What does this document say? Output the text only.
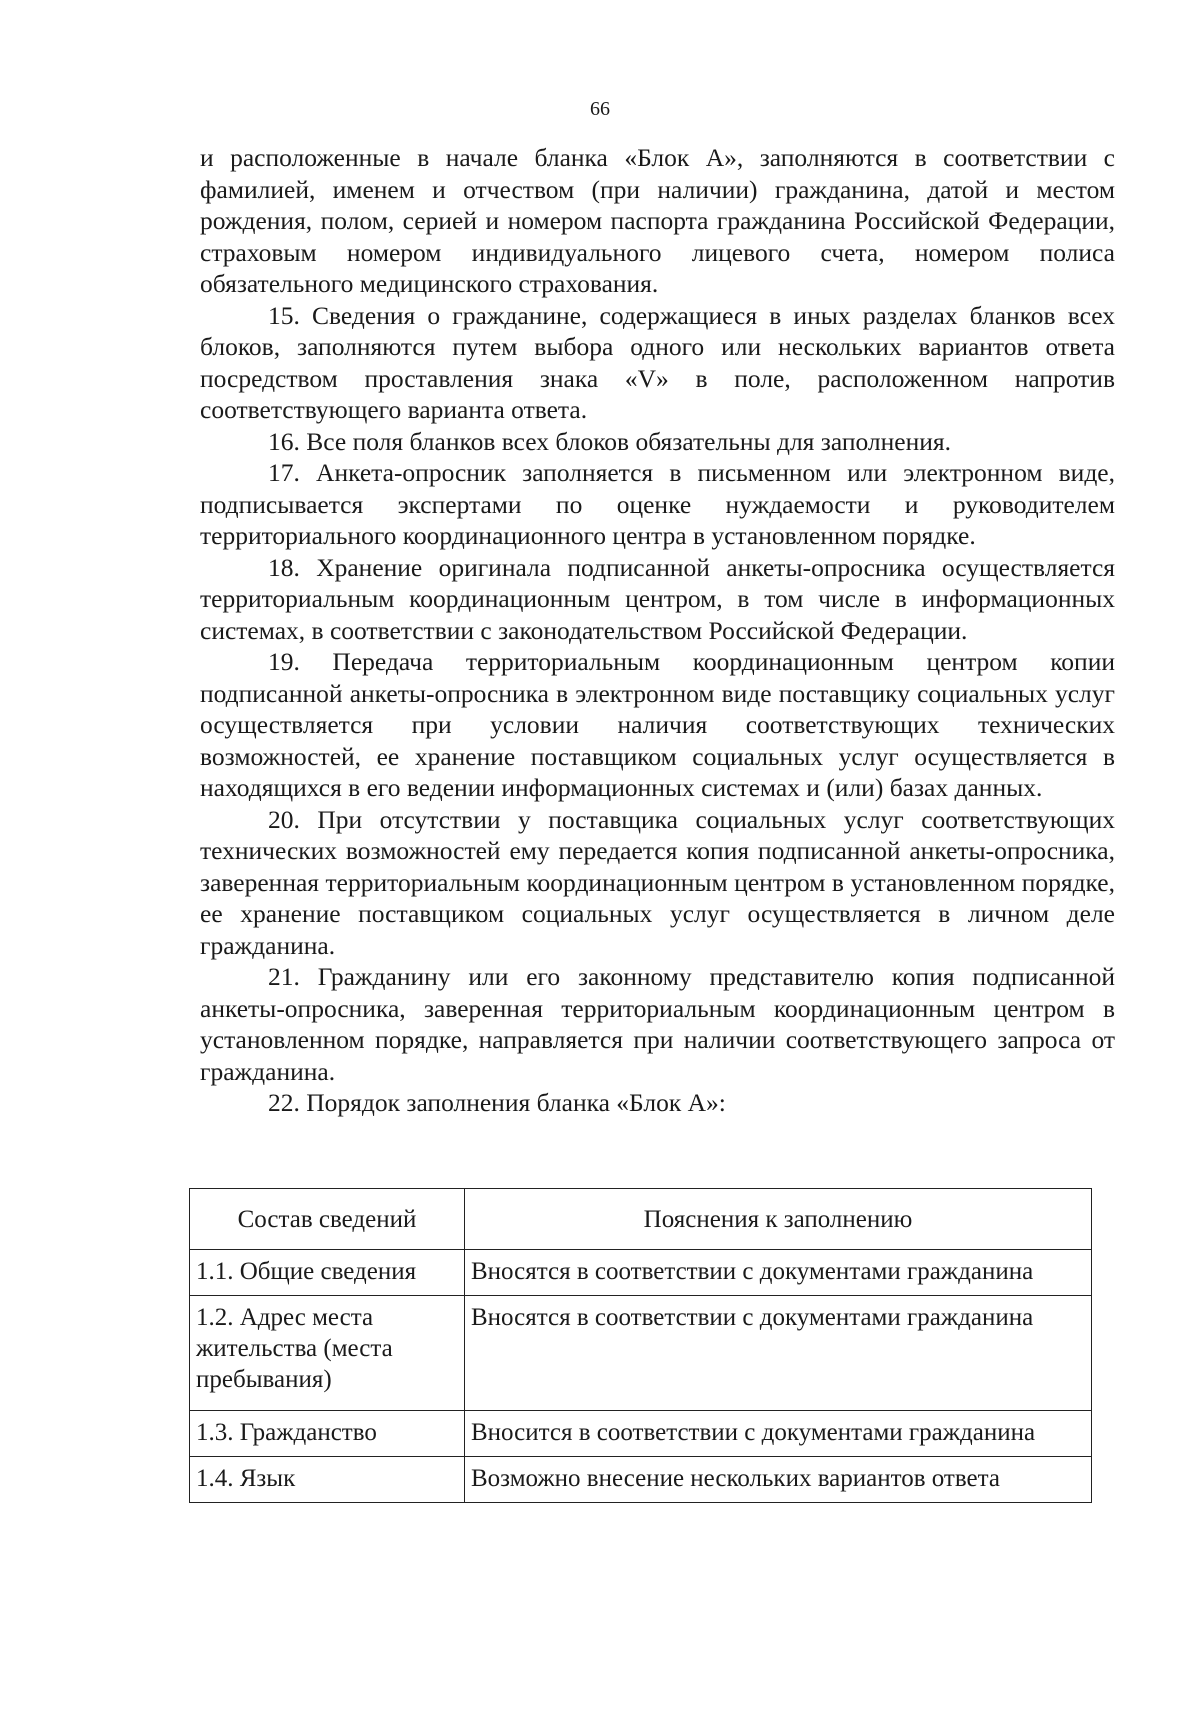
66

и расположенные в начале бланка «Блок А», заполняются в соответствии с фамилией, именем и отчеством (при наличии) гражданина, датой и местом рождения, полом, серией и номером паспорта гражданина Российской Федерации, страховым номером индивидуального лицевого счета, номером полиса обязательного медицинского страхования.

15. Сведения о гражданине, содержащиеся в иных разделах бланков всех блоков, заполняются путем выбора одного или нескольких вариантов ответа посредством проставления знака «V» в поле, расположенном напротив соответствующего варианта ответа.

16. Все поля бланков всех блоков обязательны для заполнения.

17. Анкета-опросник заполняется в письменном или электронном виде, подписывается экспертами по оценке нуждаемости и руководителем территориального координационного центра в установленном порядке.

18. Хранение оригинала подписанной анкеты-опросника осуществляется территориальным координационным центром, в том числе в информационных системах, в соответствии с законодательством Российской Федерации.

19. Передача территориальным координационным центром копии подписанной анкеты-опросника в электронном виде поставщику социальных услуг осуществляется при условии наличия соответствующих технических возможностей, ее хранение поставщиком социальных услуг осуществляется в находящихся в его ведении информационных системах и (или) базах данных.

20. При отсутствии у поставщика социальных услуг соответствующих технических возможностей ему передается копия подписанной анкеты-опросника, заверенная территориальным координационным центром в установленном порядке, ее хранение поставщиком социальных услуг осуществляется в личном деле гражданина.

21. Гражданину или его законному представителю копия подписанной анкеты-опросника, заверенная территориальным координационным центром в установленном порядке, направляется при наличии соответствующего запроса от гражданина.

22. Порядок заполнения бланка «Блок А»:

Состав сведений	Пояснения к заполнению
1.1. Общие сведения	Вносятся в соответствии с документами гражданина
1.2. Адрес места жительства (места пребывания)	Вносятся в соответствии с документами гражданина
1.3. Гражданство	Вносится в соответствии с документами гражданина
1.4. Язык	Возможно внесение нескольких вариантов ответа
